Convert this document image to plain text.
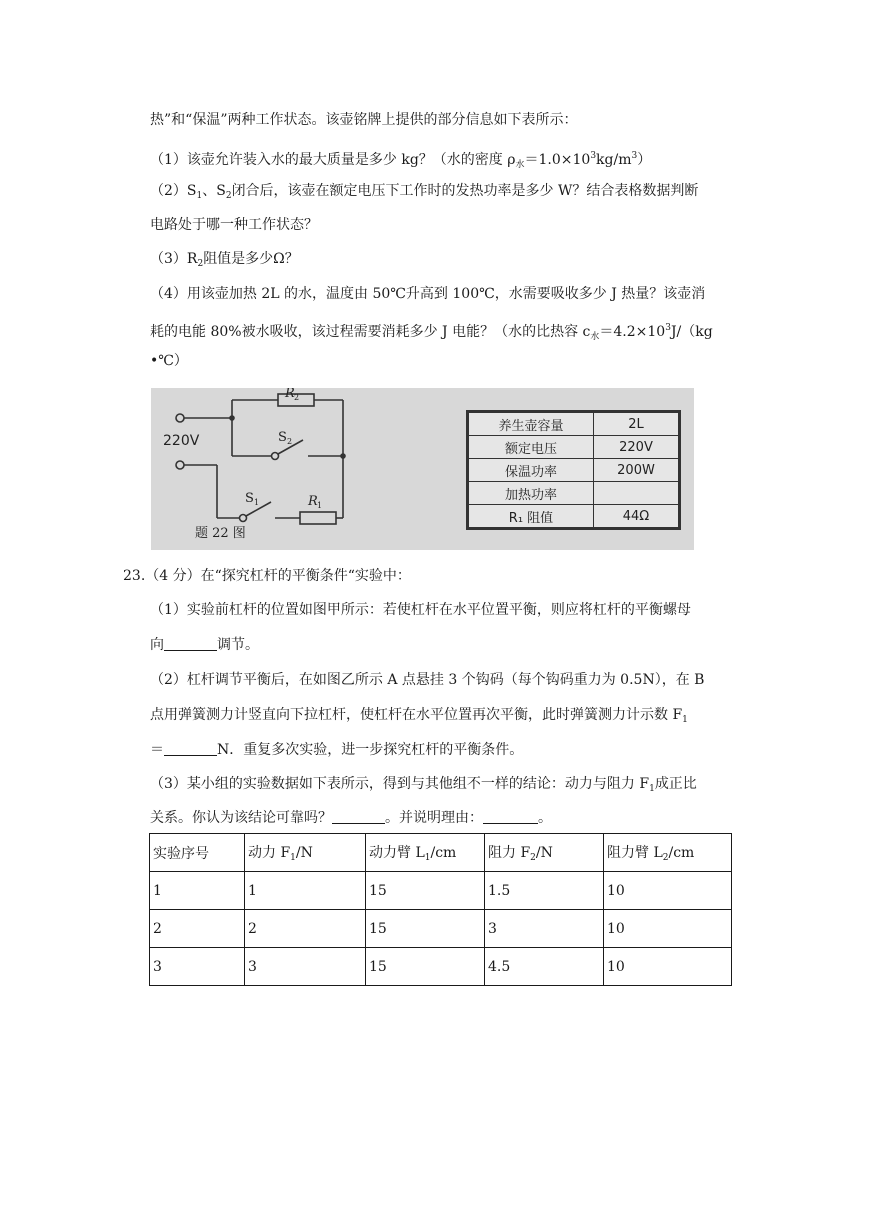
热”和“保温”两种工作状态。该壶铭牌上提供的部分信息如下表所示：
（1）该壶允许装入水的最大质量是多少 kg？（水的密度 $\rho_水=1.0\times 10^3kg/m^3$）
$(2)S_1$、$S_2$闭合后，该壶在额定电压下工作时的发热功率是多少 W？结合表格数据判断
电路处于哪一种工作状态？
$(3)R_2$阻值是多少Ω？
（4）用该壶加热 2L 的水，温度由 50℃升高到 100℃，水需要吸收多少 J 热量？该壶消
耗的电能 80%被水吸收，该过程需要消耗多少 J 电能？（水的比热容 $c_水=4.2\times 10^3J/(kg$
•℃）
R 2
S 2
220V
S 1	R 1
题 22 图
养生壶容量	2L
额定电压	220V
保温功率	200W
加热功率	
R₁ 阻值	44Ω
23.（4 分）在“探究杠杆的平衡条件“实验中：
（1）实验前杠杆的位置如图甲所示：若使杠杆在水平位置平衡，则应将杠杆的平衡螺母
向	调节。
（2）杠杆调节平衡后，在如图乙所示 A 点悬挂 3 个钩码（每个钩码重力为 0.5N），在 B
点用弹簧测力计竖直向下拉杠杆，使杠杆在水平位置再次平衡，此时弹簧测力计示数 $F_1$
＝	N．重复多次实验，进一步探究杠杆的平衡条件。
（3）某小组的实验数据如下表所示，得到与其他组不一样的结论：动力与阻力 $F_1$成正比
关系。你认为该结论可靠吗？	。并说明理由：	。
实验序号	动力 $F_1/N$	动力臂 $L_1/cm$	阻力 $F_2/N$	阻力臂 $L_2/cm$
1	1	15	1.5	10
2	2	15	3	10
3	3	15	4.5	10
